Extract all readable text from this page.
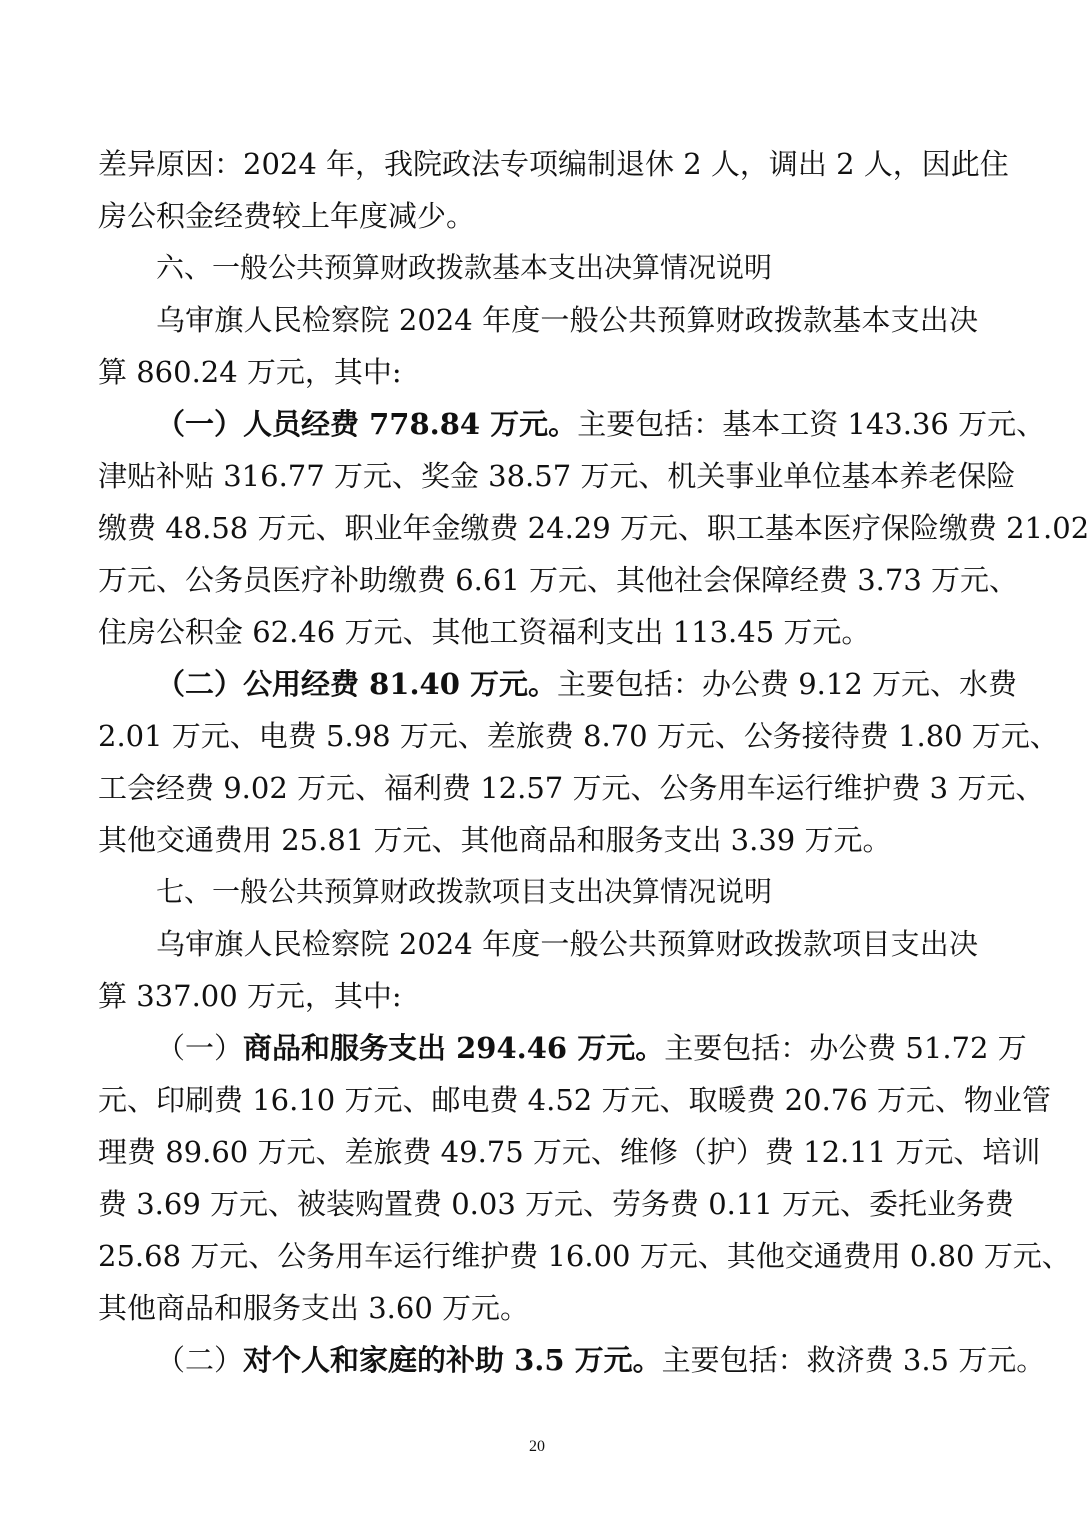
差异原因：2024 年，我院政法专项编制退休 2 人，调出 2 人，因此住
房公积金经费较上年度减少。
六、一般公共预算财政拨款基本支出决算情况说明
乌审旗人民检察院 2024 年度一般公共预算财政拨款基本支出决
算 860.24 万元，其中:
（一）人员经费 778.84 万元。主要包括：基本工资 143.36 万元、
津贴补贴 316.77 万元、奖金 38.57 万元、机关事业单位基本养老保险
缴费 48.58 万元、职业年金缴费 24.29 万元、职工基本医疗保险缴费 21.02
万元、公务员医疗补助缴费 6.61 万元、其他社会保障经费 3.73 万元、
住房公积金 62.46 万元、其他工资福利支出 113.45 万元。
（二）公用经费 81.40 万元。主要包括：办公费 9.12 万元、水费
2.01 万元、电费 5.98 万元、差旅费 8.70 万元、公务接待费 1.80 万元、
工会经费 9.02 万元、福利费 12.57 万元、公务用车运行维护费 3 万元、
其他交通费用 25.81 万元、其他商品和服务支出 3.39 万元。
七、一般公共预算财政拨款项目支出决算情况说明
乌审旗人民检察院 2024 年度一般公共预算财政拨款项目支出决
算 337.00 万元，其中:
（一）商品和服务支出 294.46 万元。主要包括：办公费 51.72 万
元、印刷费 16.10 万元、邮电费 4.52 万元、取暖费 20.76 万元、物业管
理费 89.60 万元、差旅费 49.75 万元、维修（护）费 12.11 万元、培训
费 3.69 万元、被装购置费 0.03 万元、劳务费 0.11 万元、委托业务费
25.68 万元、公务用车运行维护费 16.00 万元、其他交通费用 0.80 万元、
其他商品和服务支出 3.60 万元。
（二）对个人和家庭的补助 3.5 万元。主要包括：救济费 3.5 万元。
20
